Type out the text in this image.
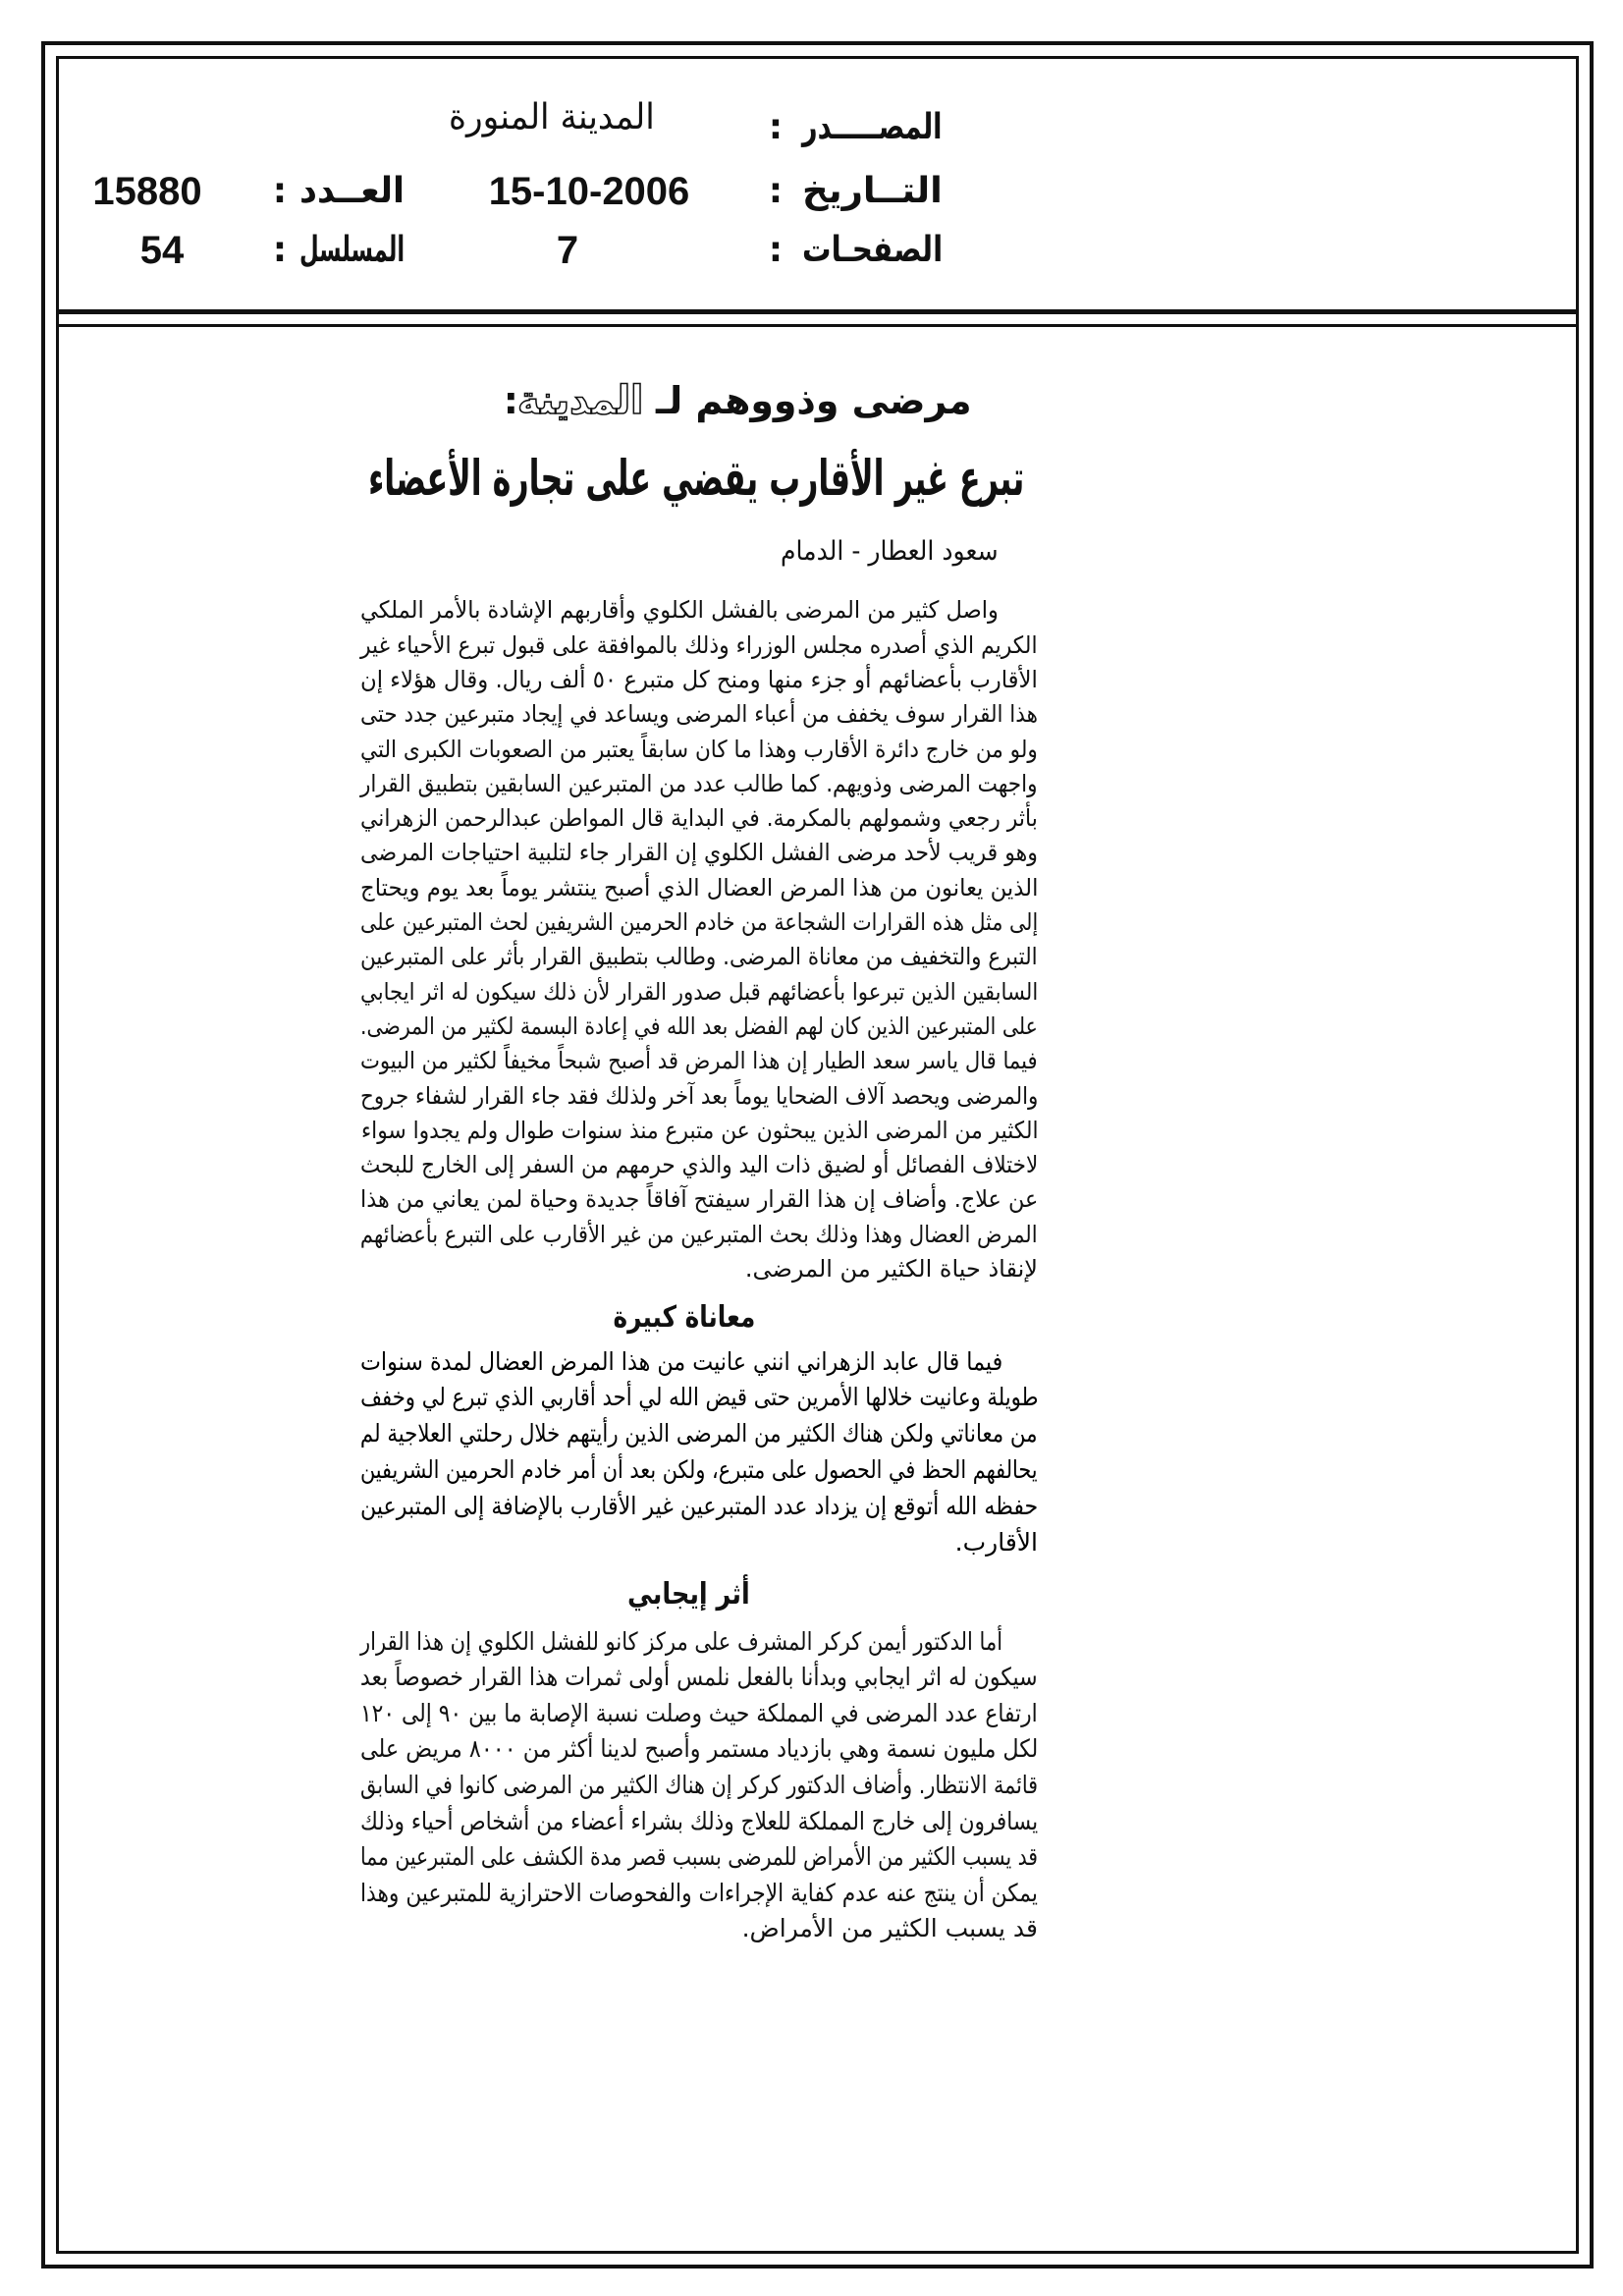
المصـــــدر
:
المدينة المنورة
التــاريخ
:
15-10-2006
الصفحـات
:
7
العــدد
:
15880
المسلسل
:
54
مرضى وذووهم لـ
المدينة
:
تبرع غير الأقارب يقضي على تجارة الأعضاء
سعود العطار - الدمام
واصل كثير من المرضى بالفشل الكلوي وأقاربهم الإشادة بالأمر الملكي
الكريم الذي أصدره مجلس الوزراء وذلك بالموافقة على قبول تبرع الأحياء غير
الأقارب بأعضائهم أو جزء منها ومنح كل متبرع ٥٠ ألف ريال. وقال هؤلاء إن
هذا القرار سوف يخفف من أعباء المرضى ويساعد في إيجاد متبرعين جدد حتى
ولو من خارج دائرة الأقارب وهذا ما كان سابقاً يعتبر من الصعوبات الكبرى التي
واجهت المرضى وذويهم. كما طالب عدد من المتبرعين السابقين بتطبيق القرار
بأثر رجعي وشمولهم بالمكرمة. في البداية قال المواطن عبدالرحمن الزهراني
وهو قريب لأحد مرضى الفشل الكلوي إن القرار جاء لتلبية احتياجات المرضى
الذين يعانون من هذا المرض العضال الذي أصبح ينتشر يوماً بعد يوم ويحتاج
إلى مثل هذه القرارات الشجاعة من خادم الحرمين الشريفين لحث المتبرعين على
التبرع والتخفيف من معاناة المرضى. وطالب بتطبيق القرار بأثر على المتبرعين
السابقين الذين تبرعوا بأعضائهم قبل صدور القرار لأن ذلك سيكون له اثر ايجابي
على المتبرعين الذين كان لهم الفضل بعد الله في إعادة البسمة لكثير من المرضى.
فيما قال ياسر سعد الطيار إن هذا المرض قد أصبح شبحاً مخيفاً لكثير من البيوت
والمرضى ويحصد آلاف الضحايا يوماً بعد آخر ولذلك فقد جاء القرار لشفاء جروح
الكثير من المرضى الذين يبحثون عن متبرع منذ سنوات طوال ولم يجدوا سواء
لاختلاف الفصائل أو لضيق ذات اليد والذي حرمهم من السفر إلى الخارج للبحث
عن علاج. وأضاف إن هذا القرار سيفتح آفاقاً جديدة وحياة لمن يعاني من هذا
المرض العضال وهذا وذلك بحث المتبرعين من غير الأقارب على التبرع بأعضائهم
لإنقاذ حياة الكثير من المرضى.
معاناة كبيرة
فيما قال عابد الزهراني انني عانيت من هذا المرض العضال لمدة سنوات
طويلة وعانيت خلالها الأمرين حتى قيض الله لي أحد أقاربي الذي تبرع لي وخفف
من معاناتي ولكن هناك الكثير من المرضى الذين رأيتهم خلال رحلتي العلاجية لم
يحالفهم الحظ في الحصول على متبرع، ولكن بعد أن أمر خادم الحرمين الشريفين
حفظه الله أتوقع إن يزداد عدد المتبرعين غير الأقارب بالإضافة إلى المتبرعين
الأقارب.
أثر إيجابي
أما الدكتور أيمن كركر المشرف على مركز كانو للفشل الكلوي إن هذا القرار
سيكون له اثر ايجابي وبدأنا بالفعل نلمس أولى ثمرات هذا القرار خصوصاً بعد
ارتفاع عدد المرضى في المملكة حيث وصلت نسبة الإصابة ما بين ٩٠ إلى ١٢٠
لكل مليون نسمة وهي بازدياد مستمر وأصبح لدينا أكثر من ٨٠٠٠ مريض على
قائمة الانتظار. وأضاف الدكتور كركر إن هناك الكثير من المرضى كانوا في السابق
يسافرون إلى خارج المملكة للعلاج وذلك بشراء أعضاء من أشخاص أحياء وذلك
قد يسبب الكثير من الأمراض للمرضى بسبب قصر مدة الكشف على المتبرعين مما
يمكن أن ينتج عنه عدم كفاية الإجراءات والفحوصات الاحترازية للمتبرعين وهذا
قد يسبب الكثير من الأمراض.
